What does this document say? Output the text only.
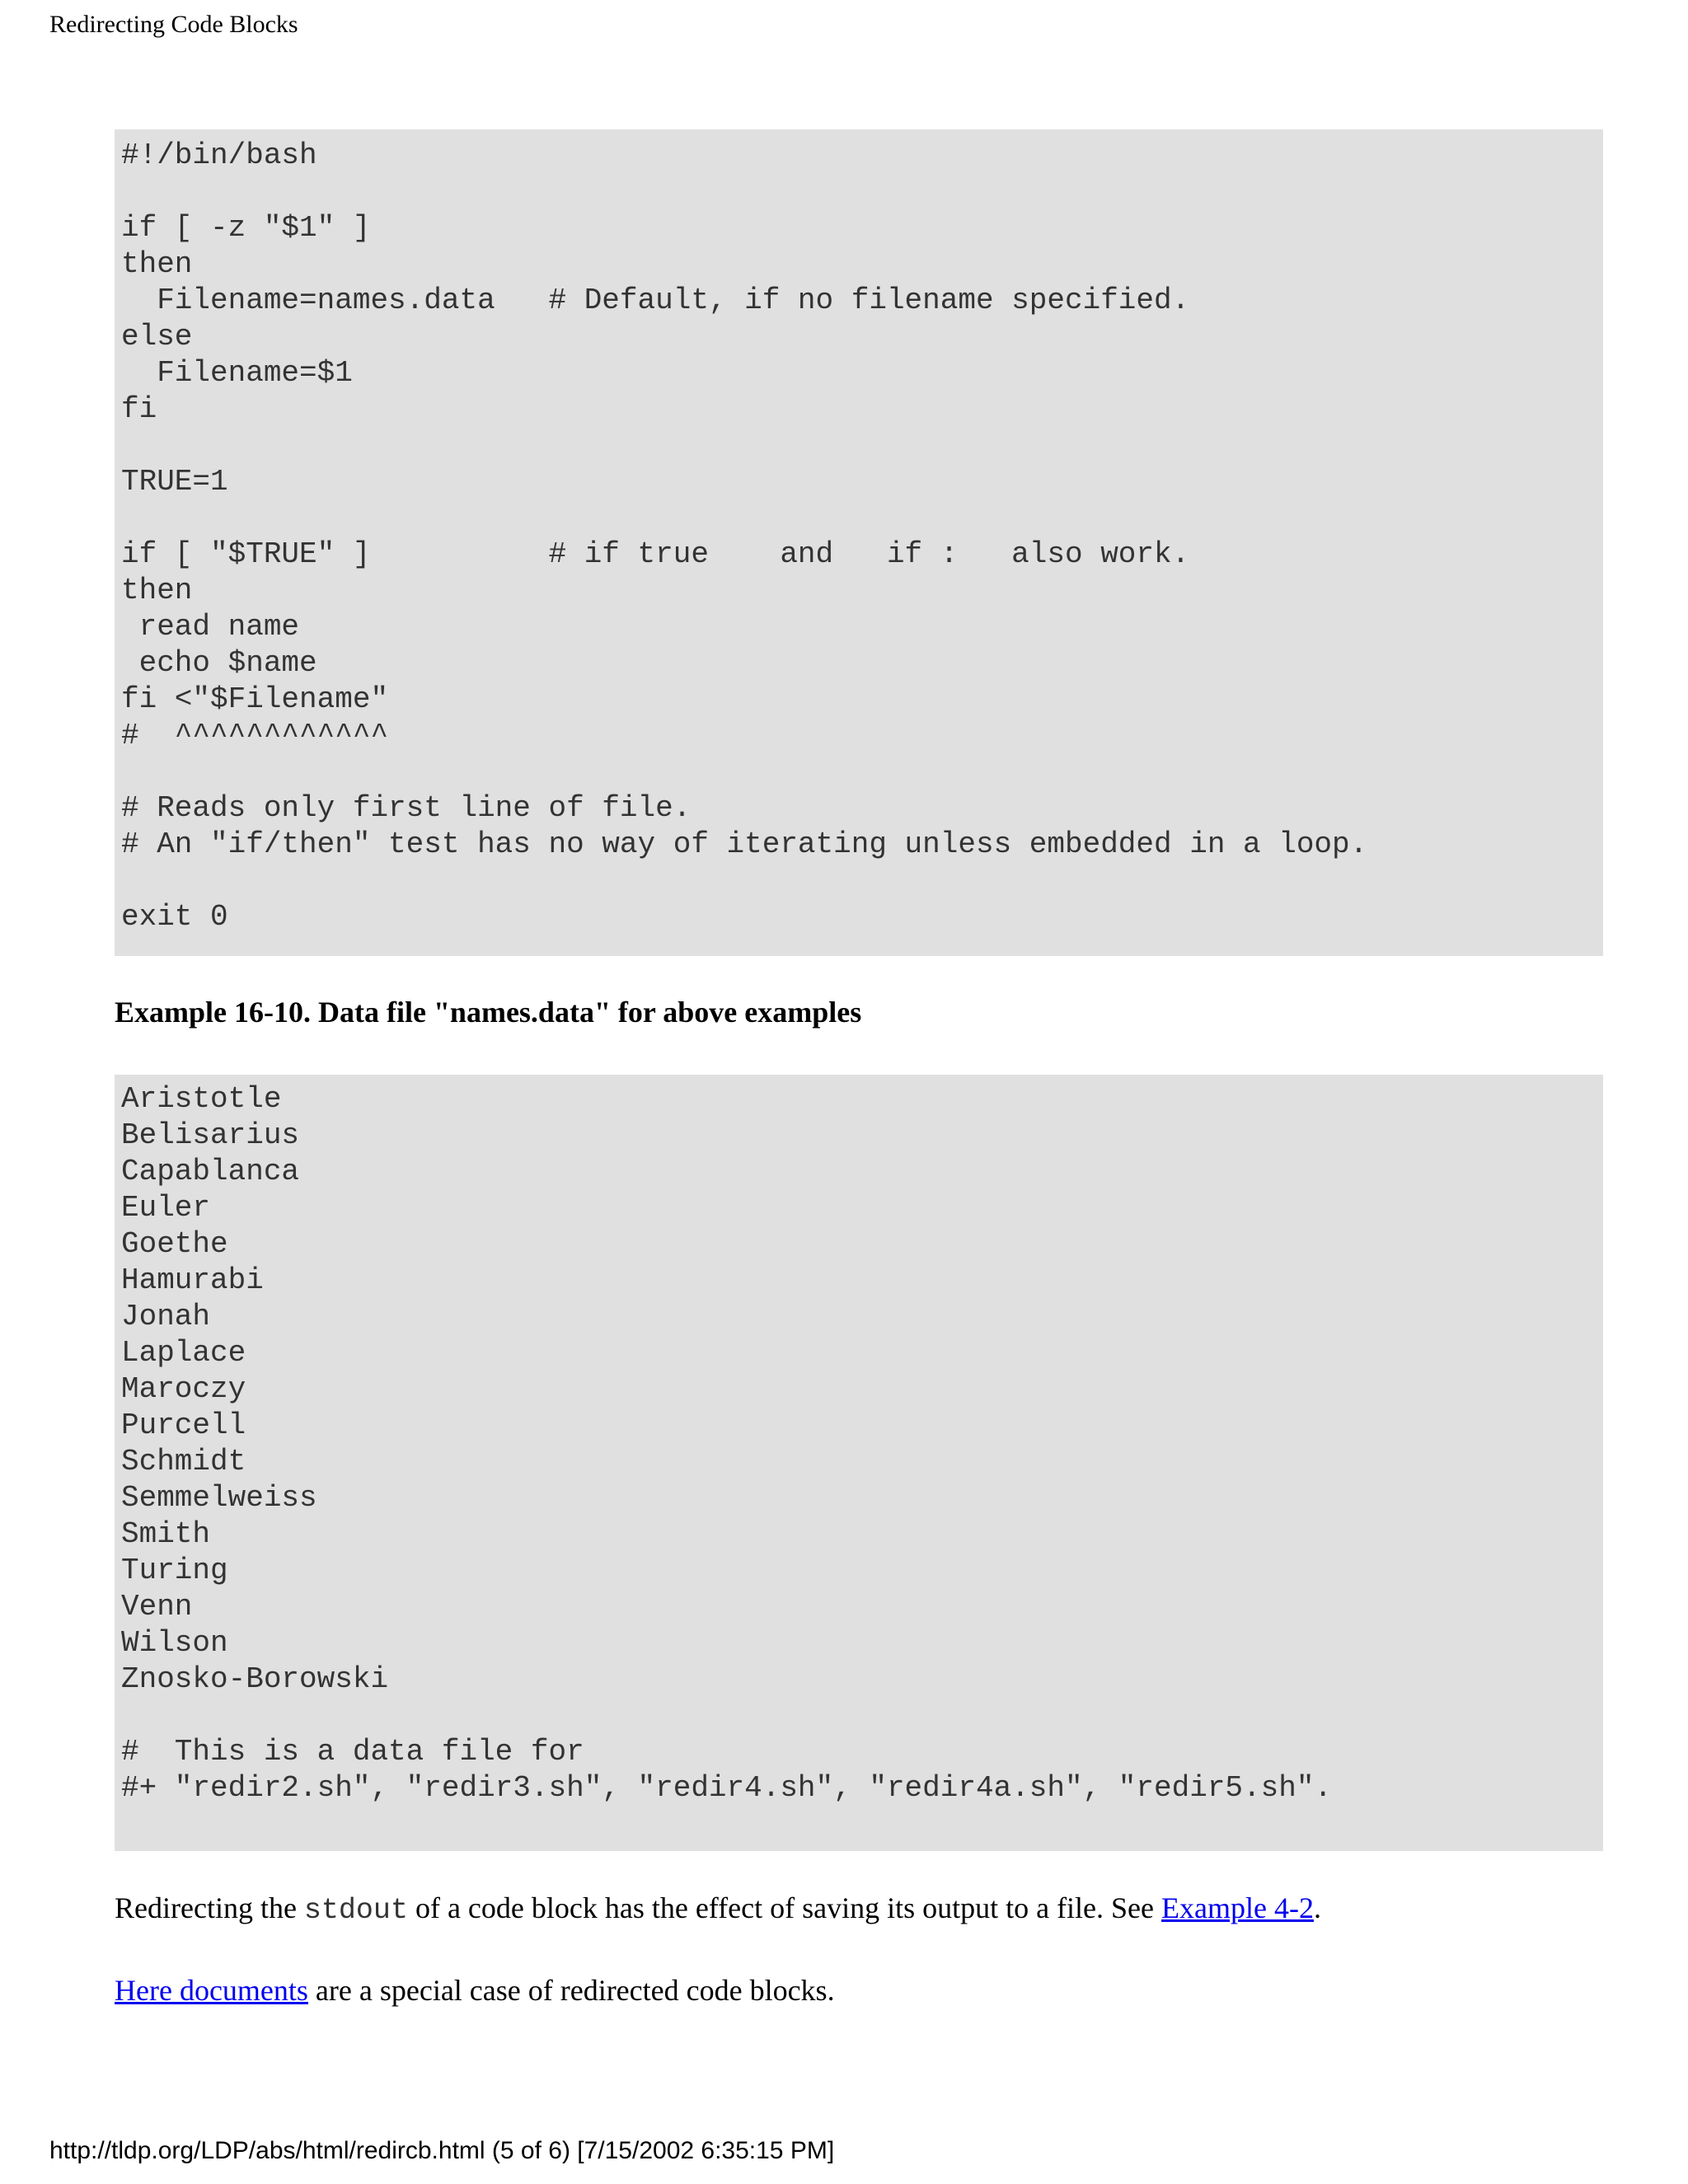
Redirecting Code Blocks
#!/bin/bash

if [ -z "$1" ]
then
Filename=names.data   # Default, if no filename specified.
else
Filename=$1
fi

TRUE=1

if [ "$TRUE" ]          # if true    and   if :   also work.
then
read name
echo $name
fi <"$Filename"
#  ^^^^^^^^^^^^

# Reads only first line of file.
# An "if/then" test has no way of iterating unless embedded in a loop.

exit 0
Example 16-10. Data file "names.data" for above examples
Aristotle
Belisarius
Capablanca
Euler
Goethe
Hamurabi
Jonah
Laplace
Maroczy
Purcell
Schmidt
Semmelweiss
Smith
Turing
Venn
Wilson
Znosko-Borowski

#  This is a data file for
#+ "redir2.sh", "redir3.sh", "redir4.sh", "redir4a.sh", "redir5.sh".
Redirecting the stdout of a code block has the effect of saving its output to a file. See Example 4-2.
Here documents are a special case of redirected code blocks.
http://tldp.org/LDP/abs/html/redircb.html (5 of 6) [7/15/2002 6:35:15 PM]
